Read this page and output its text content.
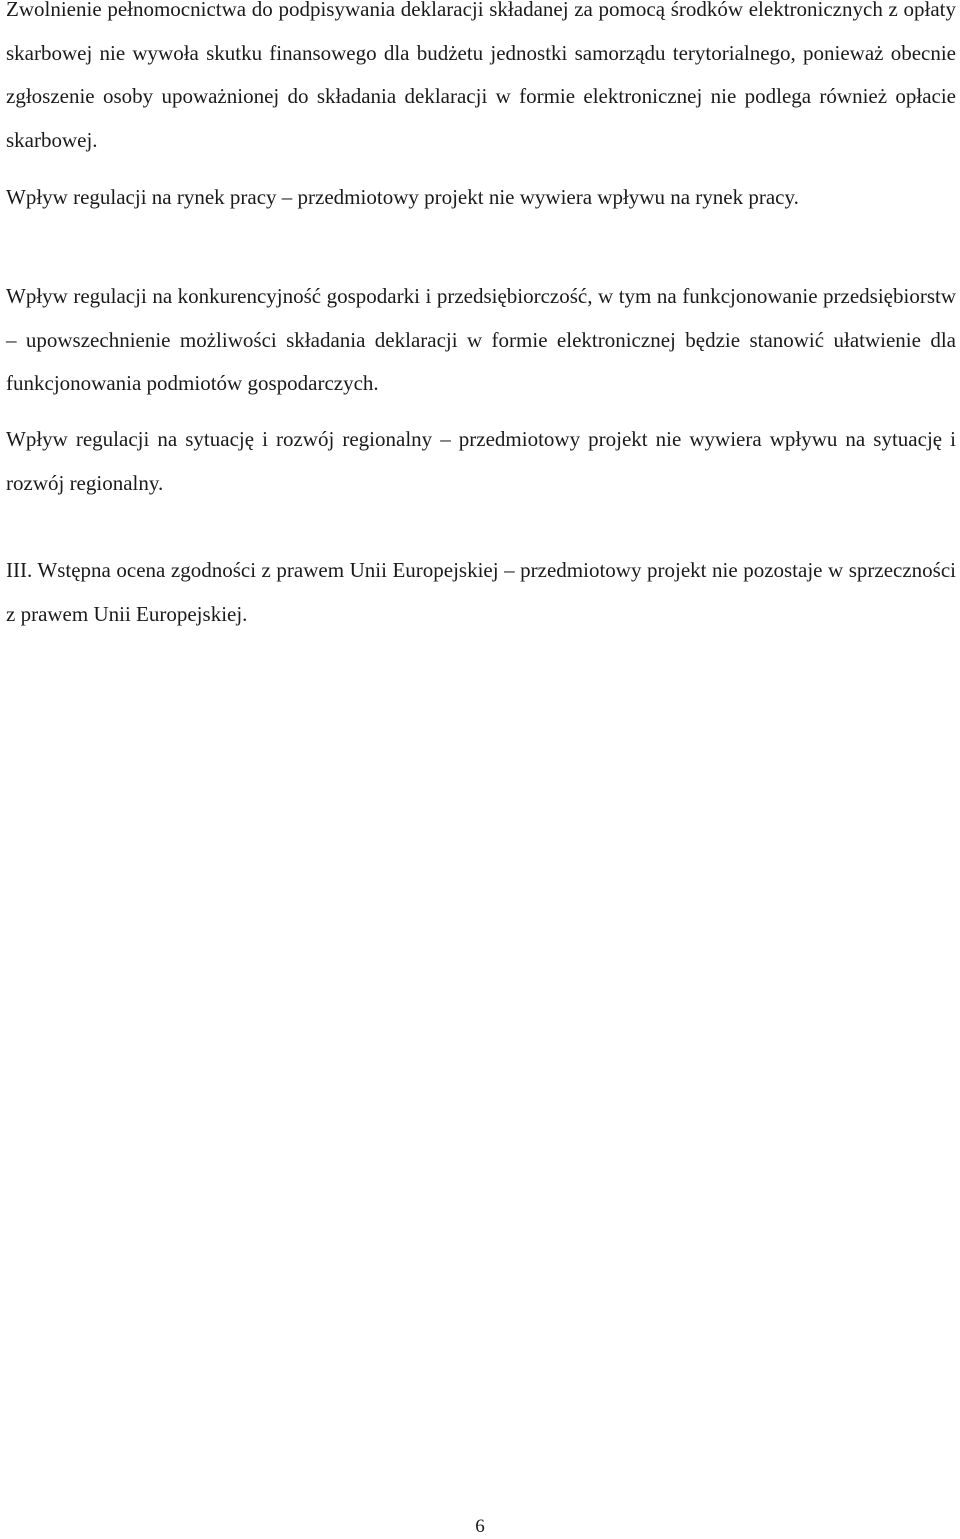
Zwolnienie pełnomocnictwa do podpisywania deklaracji składanej za pomocą środków elektronicznych z opłaty skarbowej nie wywoła skutku finansowego dla budżetu jednostki samorządu terytorialnego, ponieważ obecnie zgłoszenie osoby upoważnionej do składania deklaracji w formie elektronicznej nie podlega również opłacie skarbowej.

Wpływ regulacji na rynek pracy – przedmiotowy projekt nie wywiera wpływu na rynek pracy.

Wpływ regulacji na konkurencyjność gospodarki i przedsiębiorczość, w tym na funkcjonowanie przedsiębiorstw – upowszechnienie możliwości składania deklaracji w formie elektronicznej będzie stanowić ułatwienie dla funkcjonowania podmiotów gospodarczych.

Wpływ regulacji na sytuację i rozwój regionalny – przedmiotowy projekt nie wywiera wpływu na sytuację i rozwój regionalny.

III. Wstępna ocena zgodności z prawem Unii Europejskiej – przedmiotowy projekt nie pozostaje w sprzeczności z prawem Unii Europejskiej.

6
